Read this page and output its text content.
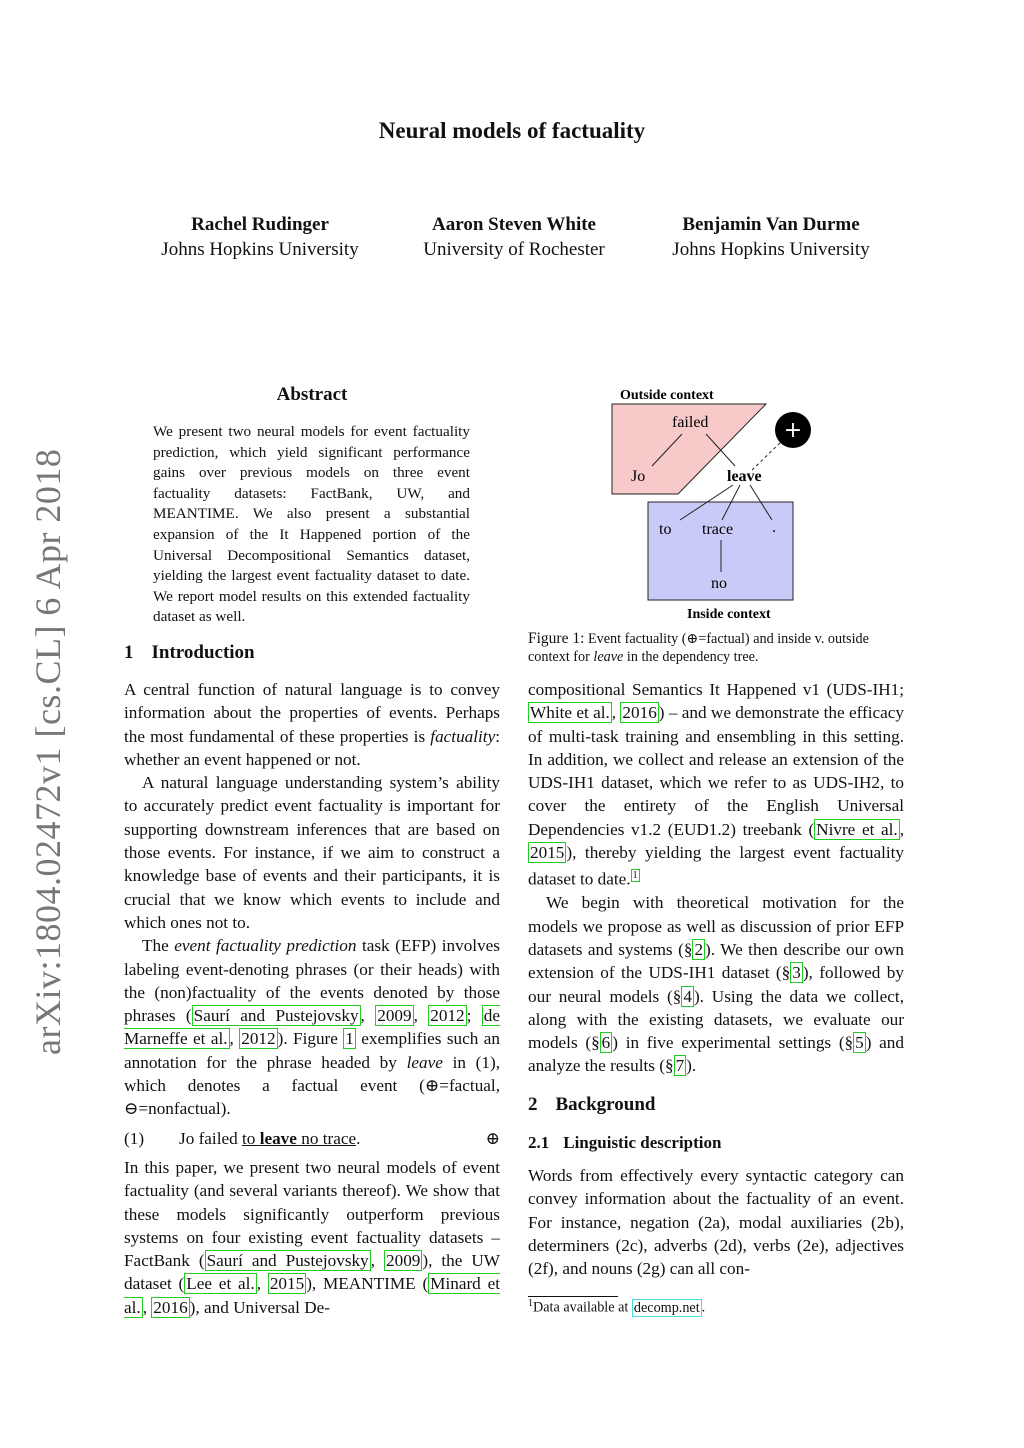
Neural models of factuality
Rachel Rudinger
Johns Hopkins University
Aaron Steven White
University of Rochester
Benjamin Van Durme
Johns Hopkins University
arXiv:1804.02472v1 [cs.CL] 6 Apr 2018
Abstract
We present two neural models for event factuality prediction, which yield significant performance gains over previous models on three event factuality datasets: FactBank, UW, and MEANTIME. We also present a substantial expansion of the It Happened portion of the Universal Decompositional Semantics dataset, yielding the largest event factuality dataset to date. We report model results on this extended factuality dataset as well.
1 Introduction

A central function of natural language is to convey information about the properties of events. Perhaps the most fundamental of these properties is factuality: whether an event happened or not.

A natural language understanding system’s ability to accurately predict event factuality is important for supporting downstream inferences that are based on those events. For instance, if we aim to construct a knowledge base of events and their participants, it is crucial that we know which events to include and which ones not to.

The event factuality prediction task (EFP) involves labeling event-denoting phrases (or their heads) with the (non)factuality of the events denoted by those phrases ( Saurí and Pustejovsky , 2009 , 2012 ; de Marneffe et al. , 2012 ). Figure 1 exemplifies such an annotation for the phrase headed by leave in (1), which denotes a factual event (⊕=factual, ⊖=nonfactual).

(1) Jo failed to leave no trace.	⊕

In this paper, we present two neural models of event factuality (and several variants thereof). We show that these models significantly outperform previous systems on four existing event factuality datasets – FactBank ( Saurí and Pustejovsky , 2009 ), the UW dataset ( Lee et al. , 2015 ), MEANTIME ( Minard et al. , 2016 ), and Universal De-

Outside context
Inside context
failed
Jo	leave
to trace .
no
+
Figure 1: Event factuality (⊕=factual) and inside v. outside context for leave in the dependency tree.

compositional Semantics It Happened v1 (UDS-IH1; White et al. , 2016 ) – and we demonstrate the efficacy of multi-task training and ensembling in this setting. In addition, we collect and release an extension of the UDS-IH1 dataset, which we refer to as UDS-IH2, to cover the entirety of the English Universal Dependencies v1.2 (EUD1.2) treebank ( Nivre et al. , 2015 ), thereby yielding the largest event factuality dataset to date. $^1$

We begin with theoretical motivation for the models we propose as well as discussion of prior EFP datasets and systems (§ 2 ). We then describe our own extension of the UDS-IH1 dataset (§ 3 ), followed by our neural models (§ 4 ). Using the data we collect, along with the existing datasets, we evaluate our models (§ 6 ) in five experimental settings (§ 5 ) and analyze the results (§ 7 ).

2 Background
2.1 Linguistic description

Words from effectively every syntactic category can convey information about the factuality of an event. For instance, negation (2a), modal auxiliaries (2b), determiners (2c), adverbs (2d), verbs (2e), adjectives (2f), and nouns (2g) can all con-

$^1$Data available at decomp.net .
